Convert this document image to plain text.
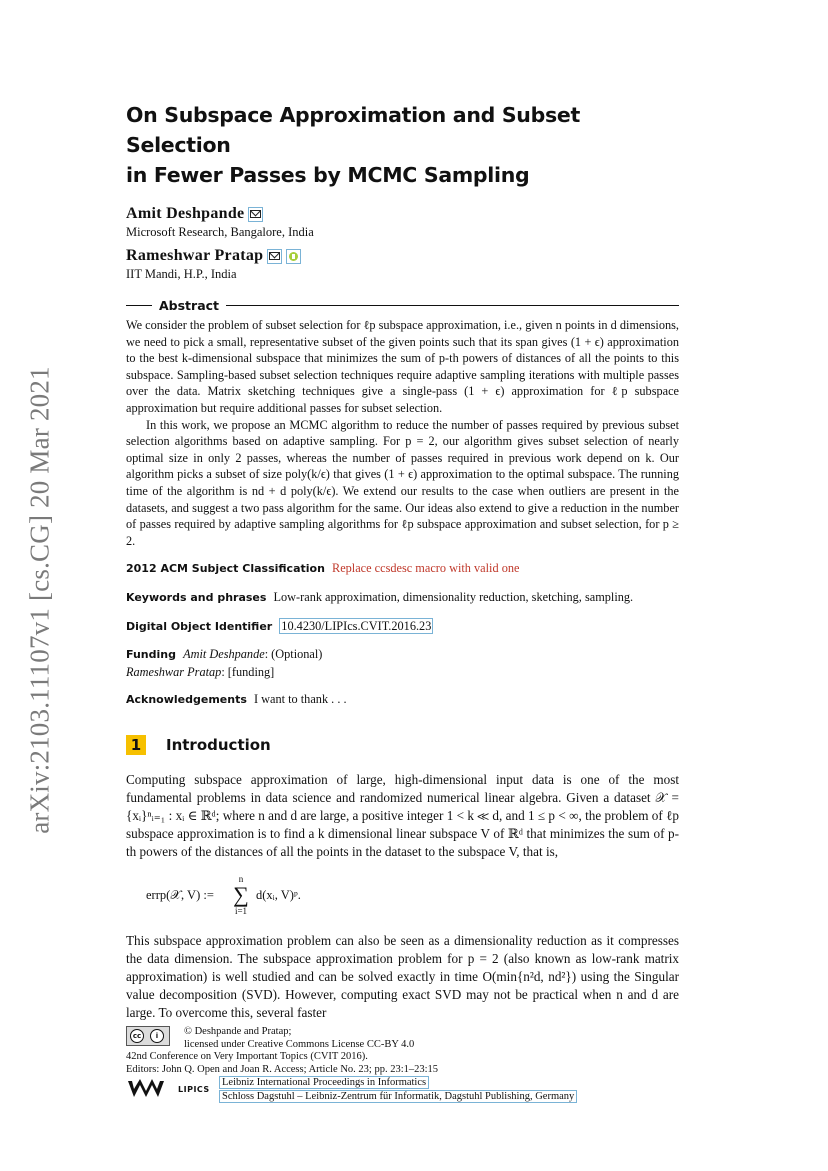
arXiv:2103.11107v1 [cs.CG] 20 Mar 2021
On Subspace Approximation and Subset Selection
in Fewer Passes by MCMC Sampling
Amit Deshpande
Microsoft Research, Bangalore, India
Rameshwar Pratap
IIT Mandi, H.P., India
Abstract

We consider the problem of subset selection for ℓp subspace approximation, i.e., given n points in d dimensions, we need to pick a small, representative subset of the given points such that its span gives (1 + ϵ) approximation to the best k-dimensional subspace that minimizes the sum of p-th powers of distances of all the points to this subspace. Sampling-based subset selection techniques require adaptive sampling iterations with multiple passes over the data. Matrix sketching techniques give a single-pass (1 + ϵ) approximation for ℓp subspace approximation but require additional passes for subset selection.

In this work, we propose an MCMC algorithm to reduce the number of passes required by previous subset selection algorithms based on adaptive sampling. For p = 2, our algorithm gives subset selection of nearly optimal size in only 2 passes, whereas the number of passes required in previous work depend on k. Our algorithm picks a subset of size poly(k/ϵ) that gives (1 + ϵ) approximation to the optimal subspace. The running time of the algorithm is nd + d poly(k/ϵ). We extend our results to the case when outliers are present in the datasets, and suggest a two pass algorithm for the same. Our ideas also extend to give a reduction in the number of passes required by adaptive sampling algorithms for ℓp subspace approximation and subset selection, for p ≥ 2.

2012 ACM Subject Classification Replace ccsdesc macro with valid one
Keywords and phrases Low-rank approximation, dimensionality reduction, sketching, sampling.
Digital Object Identifier 10.4230/LIPIcs.CVIT.2016.23
Funding Amit Deshpande: (Optional)
Rameshwar Pratap: [funding]
Acknowledgements I want to thank . . .
1	Introduction

Computing subspace approximation of large, high-dimensional input data is one of the most fundamental problems in data science and randomized numerical linear algebra. Given a dataset 𝒳 = {xᵢ}ⁿᵢ₌₁ : xᵢ ∈ ℝᵈ; where n and d are large, a positive integer 1 < k ≪ d, and 1 ≤ p < ∞, the problem of ℓp subspace approximation is to find a k dimensional linear subspace V of ℝᵈ that minimizes the sum of p-th powers of the distances of all the points in the dataset to the subspace V, that is,

errp(𝒳, V) :=
n
∑
i=1
d(xᵢ, V)ᵖ.

This subspace approximation problem can also be seen as a dimensionality reduction as it compresses the data dimension. The subspace approximation problem for p = 2 (also known as low-rank matrix approximation) is well studied and can be solved exactly in time O(min{n²d, nd²}) using the Singular value decomposition (SVD). However, computing exact SVD may not be practical when n and d are large. To overcome this, several faster

cc	i	© Deshpande and Pratap;
licensed under Creative Commons License CC-BY 4.0
42nd Conference on Very Important Topics (CVIT 2016).
Editors: John Q. Open and Joan R. Access; Article No. 23; pp. 23:1–23:15
LIPICS
Leibniz International Proceedings in Informatics
Schloss Dagstuhl – Leibniz-Zentrum für Informatik, Dagstuhl Publishing, Germany
